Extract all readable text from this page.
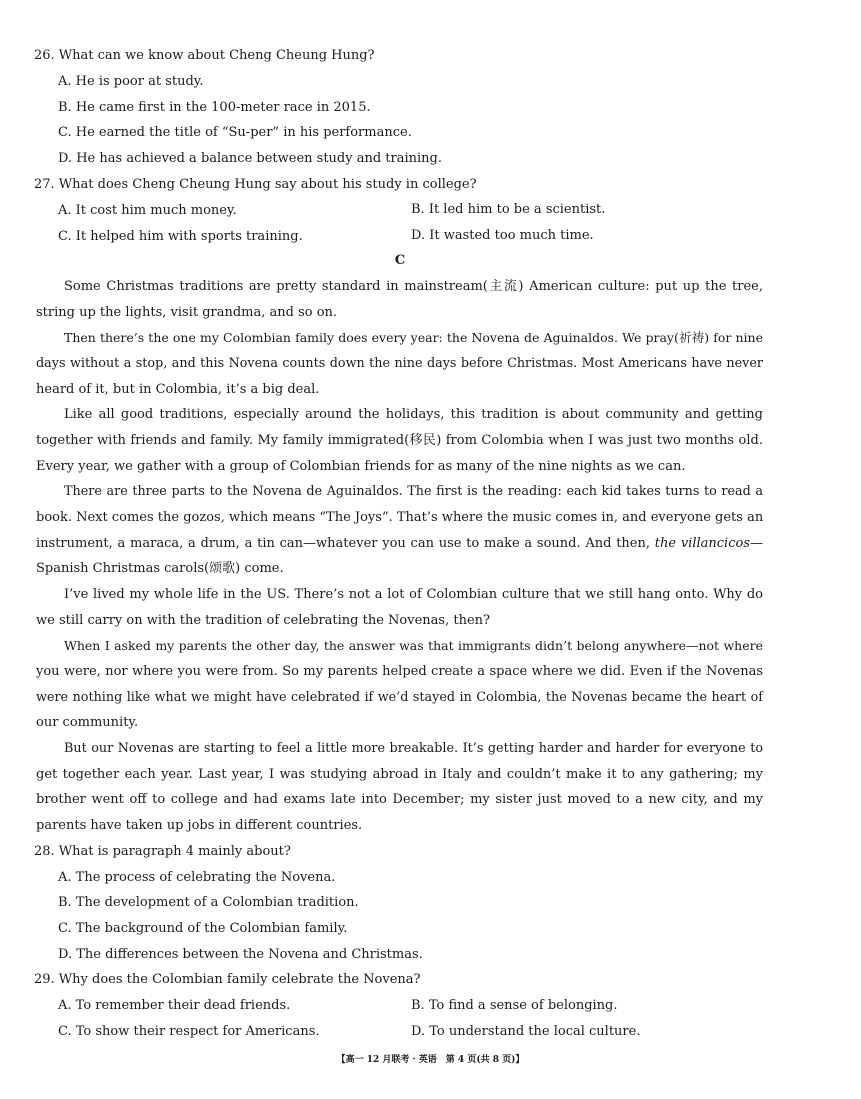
26. What can we know about Cheng Cheung Hung?
A. He is poor at study.
B. He came first in the 100-meter race in 2015.
C. He earned the title of “Su-per” in his performance.
D. He has achieved a balance between study and training.
27. What does Cheng Cheung Hung say about his study in college?
A. It cost him much money.	B. It led him to be a scientist.
C. It helped him with sports training.	D. It wasted too much time.
C
Some Christmas traditions are pretty standard in mainstream(主流) American culture: put up the tree,
string up the lights, visit grandma, and so on.
Then there’s the one my Colombian family does every year: the Novena de Aguinaldos. We pray(祈祷) for nine
days without a stop, and this Novena counts down the nine days before Christmas. Most Americans have never
heard of it, but in Colombia, it’s a big deal.
Like all good traditions, especially around the holidays, this tradition is about community and getting
together with friends and family. My family immigrated(移民) from Colombia when I was just two months old.
Every year, we gather with a group of Colombian friends for as many of the nine nights as we can.
There are three parts to the Novena de Aguinaldos. The first is the reading: each kid takes turns to read a
book. Next comes the gozos, which means “The Joys”. That’s where the music comes in, and everyone gets an
instrument, a maraca, a drum, a tin can—whatever you can use to make a sound. And then, the villancicos—
Spanish Christmas carols(颂歌) come.
I’ve lived my whole life in the US. There’s not a lot of Colombian culture that we still hang onto. Why do
we still carry on with the tradition of celebrating the Novenas, then?
When I asked my parents the other day, the answer was that immigrants didn’t belong anywhere—not where
you were, nor where you were from. So my parents helped create a space where we did. Even if the Novenas
were nothing like what we might have celebrated if we’d stayed in Colombia, the Novenas became the heart of
our community.
But our Novenas are starting to feel a little more breakable. It’s getting harder and harder for everyone to
get together each year. Last year, I was studying abroad in Italy and couldn’t make it to any gathering; my
brother went off to college and had exams late into December; my sister just moved to a new city, and my
parents have taken up jobs in different countries.
28. What is paragraph 4 mainly about?
A. The process of celebrating the Novena.
B. The development of a Colombian tradition.
C. The background of the Colombian family.
D. The differences between the Novena and Christmas.
29. Why does the Colombian family celebrate the Novena?
A. To remember their dead friends.	B. To find a sense of belonging.
C. To show their respect for Americans.	D. To understand the local culture.
【高一 12 月联考 · 英语　第 4 页(共 8 页)】
